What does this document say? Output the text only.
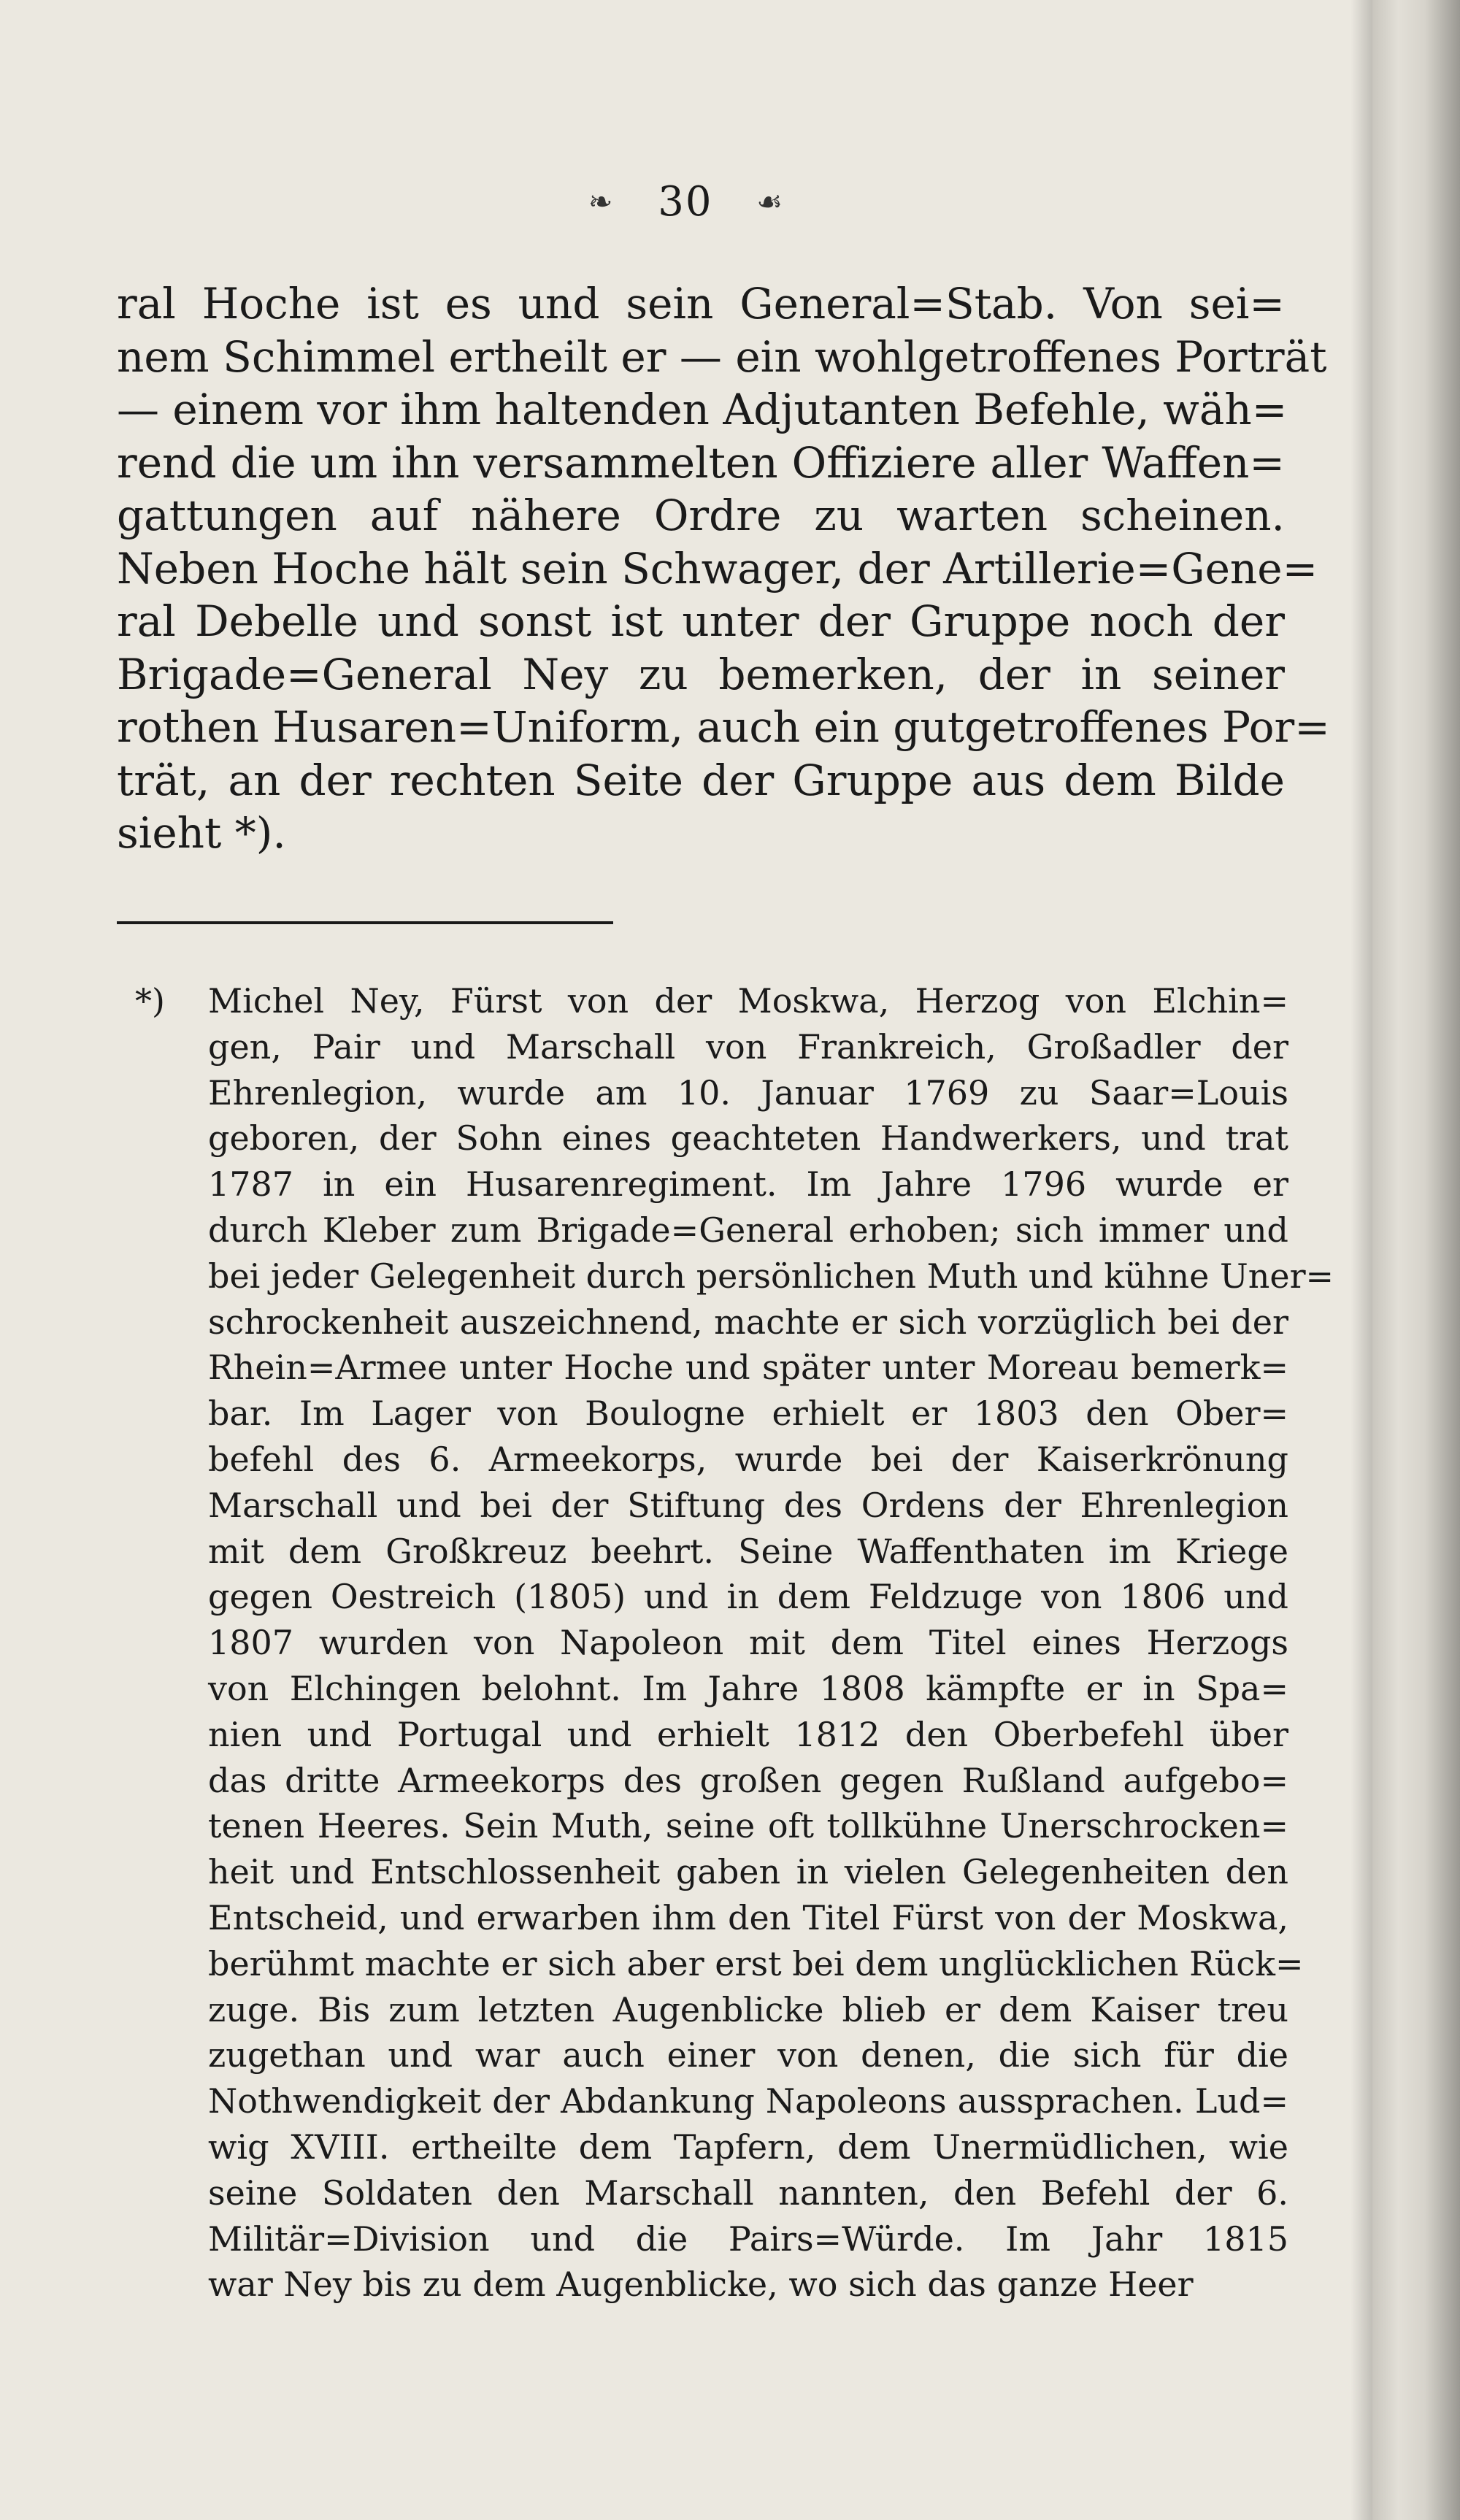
❧ 30 ☙
ral Hoche ist es und sein General=Stab. Von sei=
nem Schimmel ertheilt er — ein wohlgetroffenes Porträt
— einem vor ihm haltenden Adjutanten Befehle, wäh=
rend die um ihn versammelten Offiziere aller Waffen=
gattungen auf nähere Ordre zu warten scheinen.
Neben Hoche hält sein Schwager, der Artillerie=Gene=
ral Debelle und sonst ist unter der Gruppe noch der
Brigade=General Ney zu bemerken, der in seiner
rothen Husaren=Uniform, auch ein gutgetroffenes Por=
trät, an der rechten Seite der Gruppe aus dem Bilde
sieht *).
*) Michel Ney, Fürst von der Moskwa, Herzog von Elchin=
gen, Pair und Marschall von Frankreich, Großadler der
Ehrenlegion, wurde am 10. Januar 1769 zu Saar=Louis
geboren, der Sohn eines geachteten Handwerkers, und trat
1787 in ein Husarenregiment. Im Jahre 1796 wurde er
durch Kleber zum Brigade=General erhoben; sich immer und
bei jeder Gelegenheit durch persönlichen Muth und kühne Uner=
schrockenheit auszeichnend, machte er sich vorzüglich bei der
Rhein=Armee unter Hoche und später unter Moreau bemerk=
bar. Im Lager von Boulogne erhielt er 1803 den Ober=
befehl des 6. Armeekorps, wurde bei der Kaiserkrönung
Marschall und bei der Stiftung des Ordens der Ehrenlegion
mit dem Großkreuz beehrt. Seine Waffenthaten im Kriege
gegen Oestreich (1805) und in dem Feldzuge von 1806 und
1807 wurden von Napoleon mit dem Titel eines Herzogs
von Elchingen belohnt. Im Jahre 1808 kämpfte er in Spa=
nien und Portugal und erhielt 1812 den Oberbefehl über
das dritte Armeekorps des großen gegen Rußland aufgebo=
tenen Heeres. Sein Muth, seine oft tollkühne Unerschrocken=
heit und Entschlossenheit gaben in vielen Gelegenheiten den
Entscheid, und erwarben ihm den Titel Fürst von der Moskwa,
berühmt machte er sich aber erst bei dem unglücklichen Rück=
zuge. Bis zum letzten Augenblicke blieb er dem Kaiser treu
zugethan und war auch einer von denen, die sich für die
Nothwendigkeit der Abdankung Napoleons aussprachen. Lud=
wig XVIII. ertheilte dem Tapfern, dem Unermüdlichen, wie
seine Soldaten den Marschall nannten, den Befehl der 6.
Militär=Division und die Pairs=Würde. Im Jahr 1815
war Ney bis zu dem Augenblicke, wo sich das ganze Heer
